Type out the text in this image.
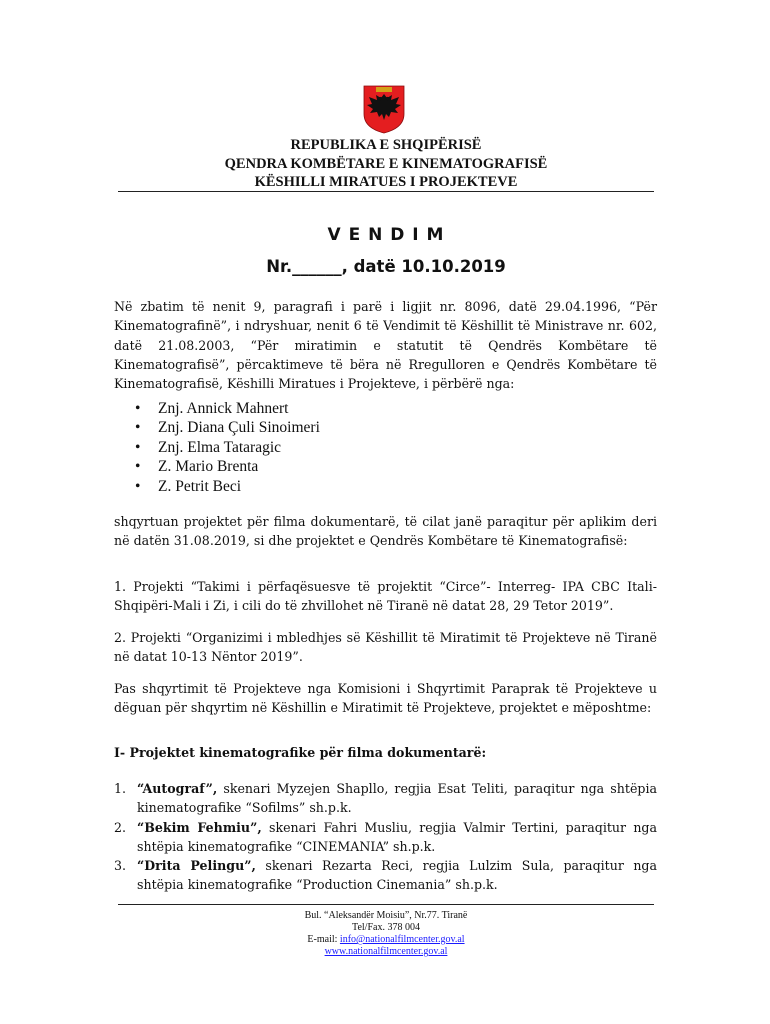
REPUBLIKA E SHQIPËRISË
QENDRA KOMBËTARE E KINEMATOGRAFISË
KËSHILLI MIRATUES I PROJEKTEVE
V E N D I M
Nr.______, datë 10.10.2019
Në zbatim të nenit 9, paragrafi i parë i ligjit nr. 8096, datë 29.04.1996, “Për Kinematografinë”, i ndryshuar, nenit 6 të Vendimit të Këshillit të Ministrave nr. 602, datë 21.08.2003, “Për miratimin e statutit të Qendrës Kombëtare të Kinematografisë”, përcaktimeve të bëra në Rregulloren e Qendrës Kombëtare të Kinematografisë, Këshilli Miratues i Projekteve, i përbërë nga:
• Znj. Annick Mahnert
• Znj. Diana Çuli Sinoimeri
• Znj. Elma Tataragic
• Z. Mario Brenta
• Z. Petrit Beci
shqyrtuan projektet për filma dokumentarë, të cilat janë paraqitur për aplikim deri në datën 31.08.2019, si dhe projektet e Qendrës Kombëtare të Kinematografisë:
1. Projekti “Takimi i përfaqësuesve të projektit “Circe”- Interreg- IPA CBC Itali-Shqipëri-Mali i Zi, i cili do të zhvillohet në Tiranë në datat 28, 29 Tetor 2019”.
2. Projekti “Organizimi i mbledhjes së Këshillit të Miratimit të Projekteve në Tiranë në datat 10-13 Nëntor 2019”.
Pas shqyrtimit të Projekteve nga Komisioni i Shqyrtimit Paraprak të Projekteve u dëguan për shqyrtim në Këshillin e Miratimit të Projekteve, projektet e mëposhtme:
I- Projektet kinematografike për filma dokumentarë:
1. “Autograf”, skenari Myzejen Shapllo, regjia Esat Teliti, paraqitur nga shtëpia kinematografike “Sofilms” sh.p.k.
2. “Bekim Fehmiu”, skenari Fahri Musliu, regjia Valmir Tertini, paraqitur nga shtëpia kinematografike “CINEMANIA” sh.p.k.
3. “Drita Pelingu”, skenari Rezarta Reci, regjia Lulzim Sula, paraqitur nga shtëpia kinematografike “Production Cinemania” sh.p.k.
Bul. “Aleksandër Moisiu”, Nr.77. Tiranë
Tel/Fax. 378 004
E-mail: info@nationalfilmcenter.gov.al
www.nationalfilmcenter.gov.al
